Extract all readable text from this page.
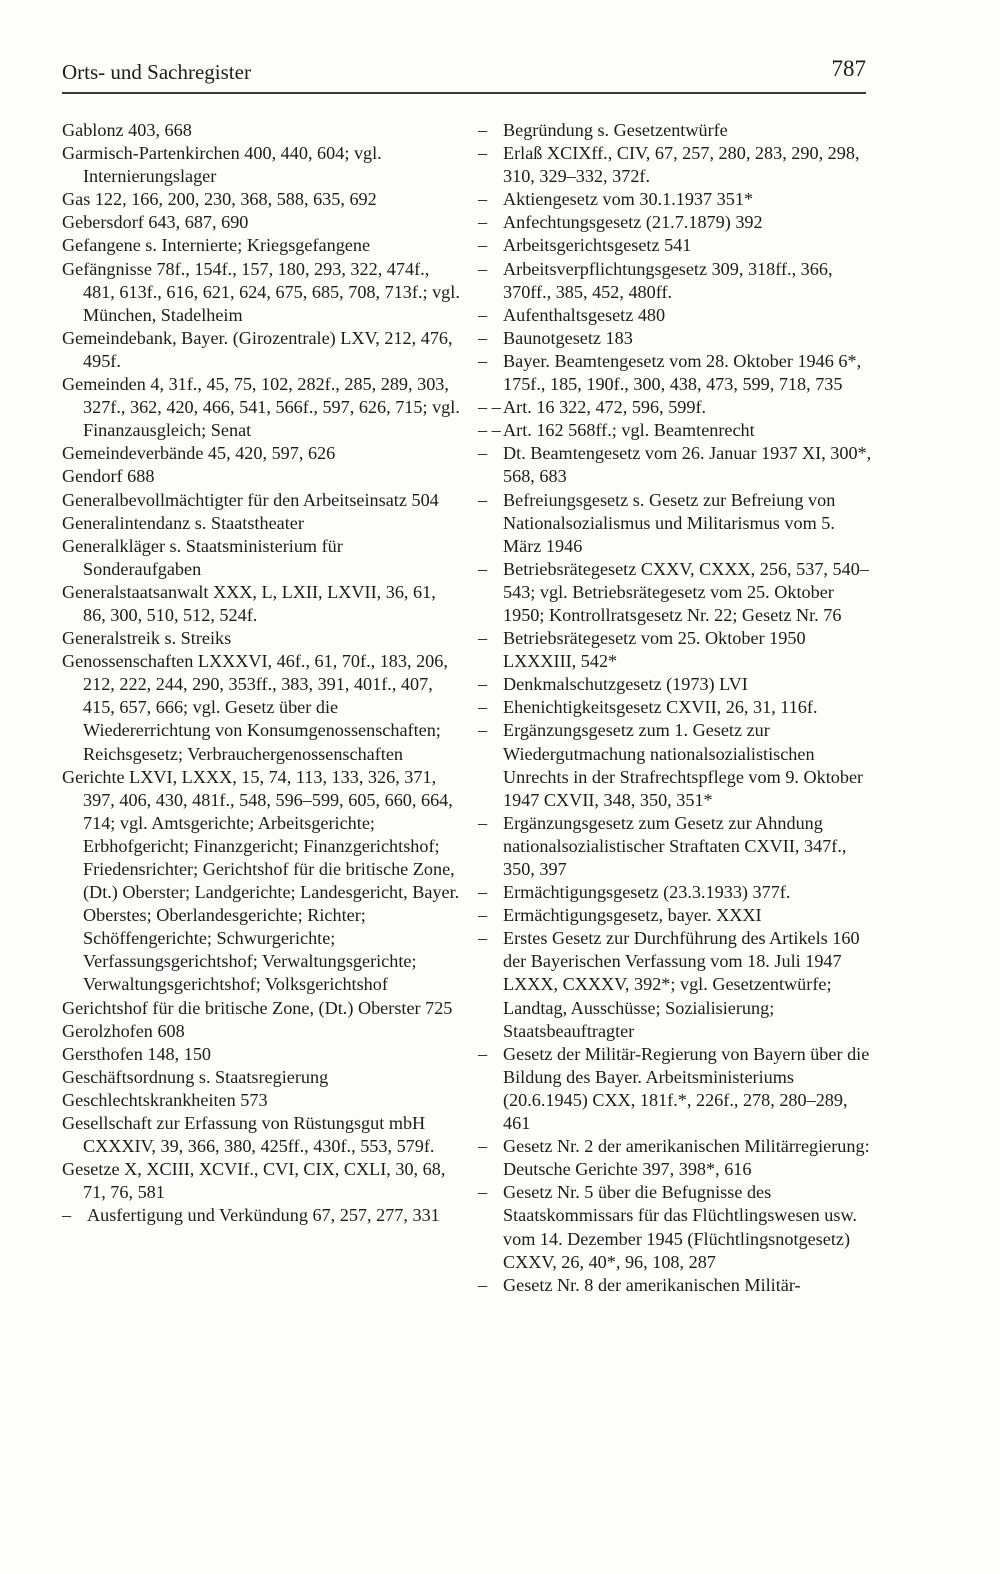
Orts- und Sachregister	787
Gablonz 403, 668
Garmisch-Partenkirchen 400, 440, 604; vgl. Internierungslager
Gas 122, 166, 200, 230, 368, 588, 635, 692
Gebersdorf 643, 687, 690
Gefangene s. Internierte; Kriegsgefangene
Gefängnisse 78f., 154f., 157, 180, 293, 322, 474f., 481, 613f., 616, 621, 624, 675, 685, 708, 713f.; vgl. München, Stadelheim
Gemeindebank, Bayer. (Girozentrale) LXV, 212, 476, 495f.
Gemeinden 4, 31f., 45, 75, 102, 282f., 285, 289, 303, 327f., 362, 420, 466, 541, 566f., 597, 626, 715; vgl. Finanzausgleich; Senat
Gemeindeverbände 45, 420, 597, 626
Gendorf 688
Generalbevollmächtigter für den Arbeitseinsatz 504
Generalintendanz s. Staatstheater
Generalkläger s. Staatsministerium für Sonderaufgaben
Generalstaatsanwalt XXX, L, LXII, LXVII, 36, 61, 86, 300, 510, 512, 524f.
Generalstreik s. Streiks
Genossenschaften LXXXVI, 46f., 61, 70f., 183, 206, 212, 222, 244, 290, 353ff., 383, 391, 401f., 407, 415, 657, 666; vgl. Gesetz über die Wiedererrichtung von Konsumgenossenschaften; Reichsgesetz; Verbrauchergenossenschaften
Gerichte LXVI, LXXX, 15, 74, 113, 133, 326, 371, 397, 406, 430, 481f., 548, 596–599, 605, 660, 664, 714; vgl. Amtsgerichte; Arbeitsgerichte; Erbhofgericht; Finanzgericht; Finanzgerichtshof; Friedensrichter; Gerichtshof für die britische Zone, (Dt.) Oberster; Landgerichte; Landesgericht, Bayer. Oberstes; Oberlandesgerichte; Richter; Schöffengerichte; Schwurgerichte; Verfassungsgerichtshof; Verwaltungsgerichte; Verwaltungsgerichtshof; Volksgerichtshof
Gerichtshof für die britische Zone, (Dt.) Oberster 725
Gerolzhofen 608
Gersthofen 148, 150
Geschäftsordnung s. Staatsregierung
Geschlechtskrankheiten 573
Gesellschaft zur Erfassung von Rüstungsgut mbH CXXXIV, 39, 366, 380, 425ff., 430f., 553, 579f.
Gesetze X, XCIII, XCVIf., CVI, CIX, CXLI, 30, 68, 71, 76, 581
– Ausfertigung und Verkündung 67, 257, 277, 331
– Begründung s. Gesetzentwürfe
– Erlaß XCIXff., CIV, 67, 257, 280, 283, 290, 298, 310, 329–332, 372f.
– Aktiengesetz vom 30.1.1937 351*
– Anfechtungsgesetz (21.7.1879) 392
– Arbeitsgerichtsgesetz 541
– Arbeitsverpflichtungsgesetz 309, 318ff., 366, 370ff., 385, 452, 480ff.
– Aufenthaltsgesetz 480
– Baunotgesetz 183
– Bayer. Beamtengesetz vom 28. Oktober 1946 6*, 175f., 185, 190f., 300, 438, 473, 599, 718, 735
– – Art. 16 322, 472, 596, 599f.
– – Art. 162 568ff.; vgl. Beamtenrecht
– Dt. Beamtengesetz vom 26. Januar 1937 XI, 300*, 568, 683
– Befreiungsgesetz s. Gesetz zur Befreiung von Nationalsozialismus und Militarismus vom 5. März 1946
– Betriebsrätegesetz CXXV, CXXX, 256, 537, 540–543; vgl. Betriebsrätegesetz vom 25. Oktober 1950; Kontrollratsgesetz Nr. 22; Gesetz Nr. 76
– Betriebsrätegesetz vom 25. Oktober 1950 LXXXIII, 542*
– Denkmalschutzgesetz (1973) LVI
– Ehenichtigkeitsgesetz CXVII, 26, 31, 116f.
– Ergänzungsgesetz zum 1. Gesetz zur Wiedergutmachung nationalsozialistischen Unrechts in der Strafrechtspflege vom 9. Oktober 1947 CXVII, 348, 350, 351*
– Ergänzungsgesetz zum Gesetz zur Ahndung nationalsozialistischer Straftaten CXVII, 347f., 350, 397
– Ermächtigungsgesetz (23.3.1933) 377f.
– Ermächtigungsgesetz, bayer. XXXI
– Erstes Gesetz zur Durchführung des Artikels 160 der Bayerischen Verfassung vom 18. Juli 1947 LXXX, CXXXV, 392*; vgl. Gesetzentwürfe; Landtag, Ausschüsse; Sozialisierung; Staatsbeauftragter
– Gesetz der Militär-Regierung von Bayern über die Bildung des Bayer. Arbeitsministeriums (20.6.1945) CXX, 181f.*, 226f., 278, 280–289, 461
– Gesetz Nr. 2 der amerikanischen Militärregierung: Deutsche Gerichte 397, 398*, 616
– Gesetz Nr. 5 über die Befugnisse des Staatskommissars für das Flüchtlingswesen usw. vom 14. Dezember 1945 (Flüchtlingsnotgesetz) CXXV, 26, 40*, 96, 108, 287
– Gesetz Nr. 8 der amerikanischen Militär-
